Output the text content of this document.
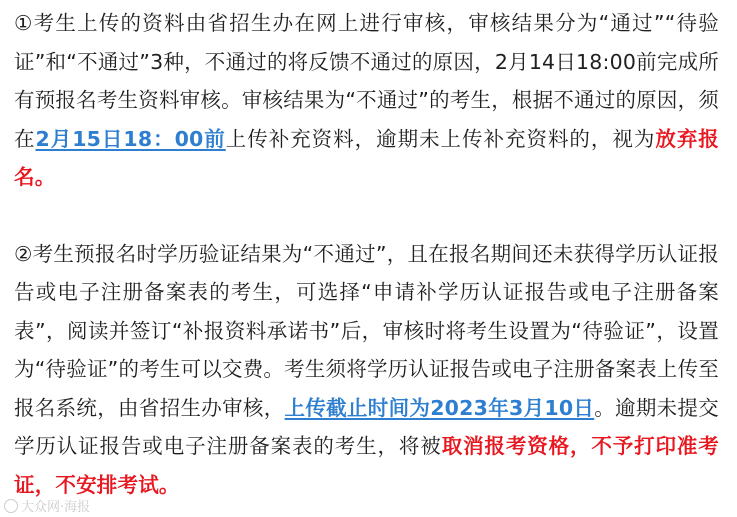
①考生上传的资料由省招生办在网上进行审核，审核结果分为“通过”“待验证”和“不通过”3种，不通过的将反馈不通过的原因，2月14日18:00前完成所有预报名考生资料审核。审核结果为“不通过”的考生，根据不通过的原因，须在2月15日18：00前上传补充资料，逾期未上传补充资料的，视为放弃报名。

②考生预报名时学历验证结果为“不通过”，且在报名期间还未获得学历认证报告或电子注册备案表的考生，可选择“申请补学历认证报告或电子注册备案表”，阅读并签订“补报资料承诺书”后，审核时将考生设置为“待验证”，设置为“待验证”的考生可以交费。考生须将学历认证报告或电子注册备案表上传至报名系统，由省招生办审核，上传截止时间为2023年3月10日。逾期未提交学历认证报告或电子注册备案表的考生，将被取消报考资格，不予打印准考证，不安排考试。

大众网·海报
